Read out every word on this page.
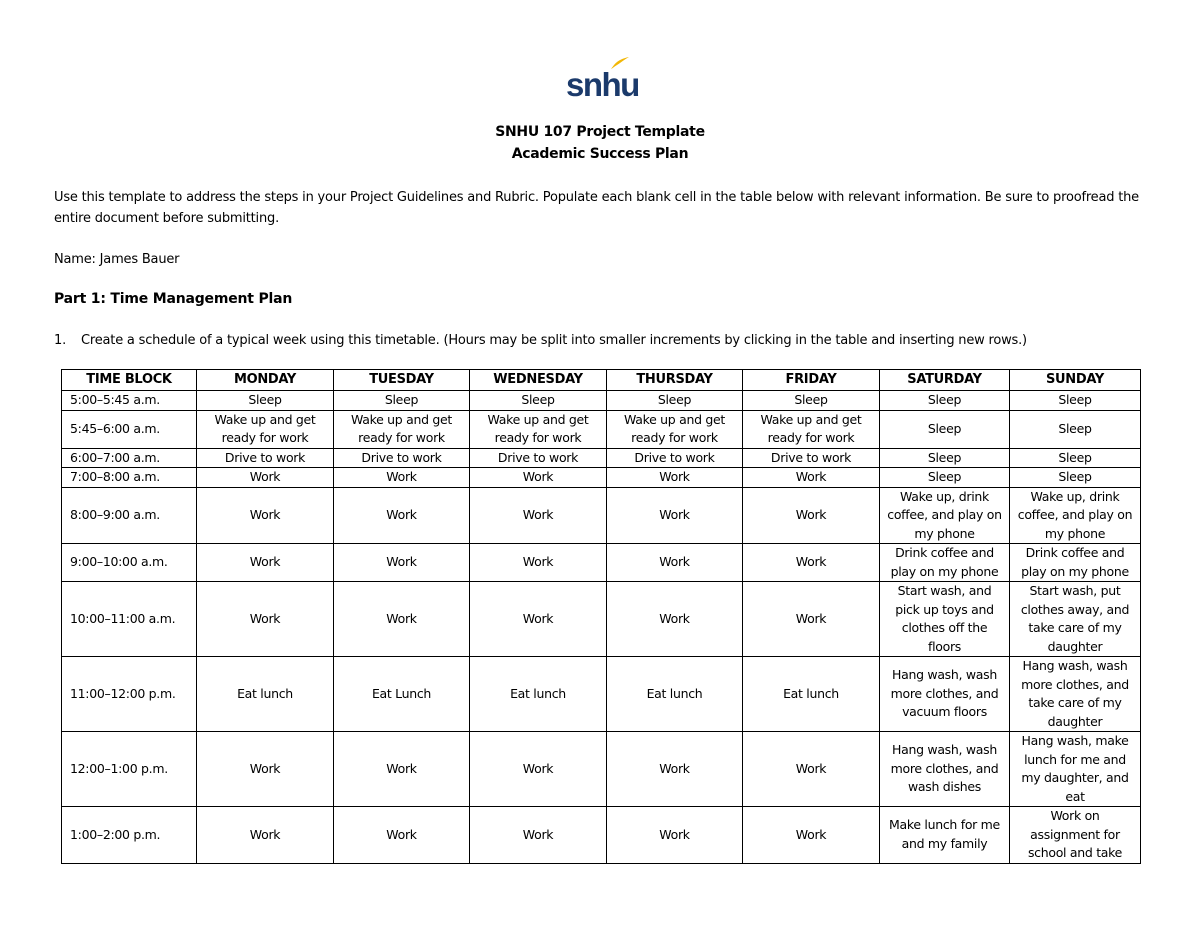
snhu
SNHU 107 Project Template
Academic Success Plan
Use this template to address the steps in your Project Guidelines and Rubric. Populate each blank cell in the table below with relevant information. Be sure to proofread the entire document before submitting.
Name: James Bauer
Part 1: Time Management Plan
1. Create a schedule of a typical week using this timetable. (Hours may be split into smaller increments by clicking in the table and inserting new rows.)
TIME BLOCK	MONDAY	TUESDAY	WEDNESDAY	THURSDAY	FRIDAY	SATURDAY	SUNDAY
5:00–5:45 a.m.	Sleep	Sleep	Sleep	Sleep	Sleep	Sleep	Sleep
5:45–6:00 a.m.	Wake up and get ready for work	Wake up and get ready for work	Wake up and get ready for work	Wake up and get ready for work	Wake up and get ready for work	Sleep	Sleep
6:00–7:00 a.m.	Drive to work	Drive to work	Drive to work	Drive to work	Drive to work	Sleep	Sleep
7:00–8:00 a.m.	Work	Work	Work	Work	Work	Sleep	Sleep
8:00–9:00 a.m.	Work	Work	Work	Work	Work	Wake up, drink coffee, and play on my phone	Wake up, drink coffee, and play on my phone
9:00–10:00 a.m.	Work	Work	Work	Work	Work	Drink coffee and play on my phone	Drink coffee and play on my phone
10:00–11:00 a.m.	Work	Work	Work	Work	Work	Start wash, and pick up toys and clothes off the floors	Start wash, put clothes away, and take care of my daughter
11:00–12:00 p.m.	Eat lunch	Eat Lunch	Eat lunch	Eat lunch	Eat lunch	Hang wash, wash more clothes, and vacuum floors	Hang wash, wash more clothes, and take care of my daughter
12:00–1:00 p.m.	Work	Work	Work	Work	Work	Hang wash, wash more clothes, and wash dishes	Hang wash, make lunch for me and my daughter, and eat
1:00–2:00 p.m.	Work	Work	Work	Work	Work	Make lunch for me and my family	Work on assignment for school and take
